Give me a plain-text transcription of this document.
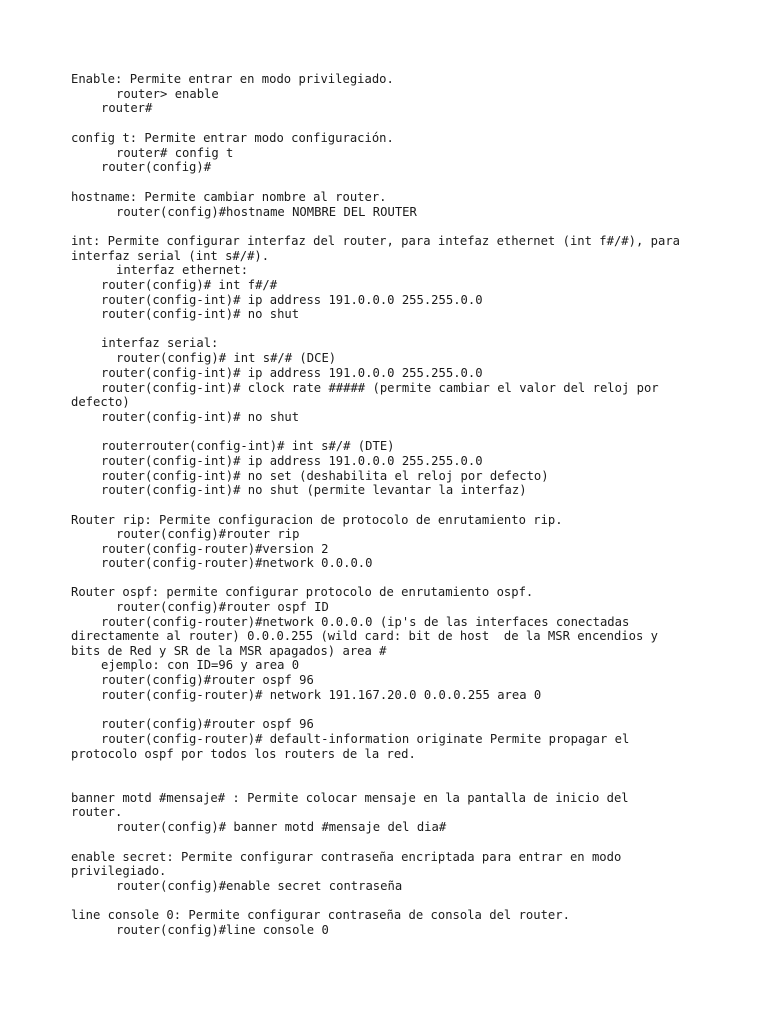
Enable: Permite entrar en modo privilegiado.
router> enable
router#
config t: Permite entrar modo configuración.
router# config t
router(config)#
hostname: Permite cambiar nombre al router.
router(config)#hostname NOMBRE DEL ROUTER
int: Permite configurar interfaz del router, para intefaz ethernet (int f#/#), para
interfaz serial (int s#/#).
interfaz ethernet:
router(config)# int f#/#
router(config-int)# ip address 191.0.0.0 255.255.0.0
router(config-int)# no shut
interfaz serial:
router(config)# int s#/# (DCE)
router(config-int)# ip address 191.0.0.0 255.255.0.0
router(config-int)# clock rate ##### (permite cambiar el valor del reloj por
defecto)
router(config-int)# no shut
routerrouter(config-int)# int s#/# (DTE)
router(config-int)# ip address 191.0.0.0 255.255.0.0
router(config-int)# no set (deshabilita el reloj por defecto)
router(config-int)# no shut (permite levantar la interfaz)
Router rip: Permite configuracion de protocolo de enrutamiento rip.
router(config)#router rip
router(config-router)#version 2
router(config-router)#network 0.0.0.0
Router ospf: permite configurar protocolo de enrutamiento ospf.
router(config)#router ospf ID
router(config-router)#network 0.0.0.0 (ip's de las interfaces conectadas
directamente al router) 0.0.0.255 (wild card: bit de host  de la MSR encendios y
bits de Red y SR de la MSR apagados) area #
ejemplo: con ID=96 y area 0
router(config)#router ospf 96
router(config-router)# network 191.167.20.0 0.0.0.255 area 0
router(config)#router ospf 96
router(config-router)# default-information originate Permite propagar el
protocolo ospf por todos los routers de la red.
banner motd #mensaje# : Permite colocar mensaje en la pantalla de inicio del
router.
router(config)# banner motd #mensaje del dia#
enable secret: Permite configurar contraseña encriptada para entrar en modo
privilegiado.
router(config)#enable secret contraseña
line console 0: Permite configurar contraseña de consola del router.
router(config)#line console 0
